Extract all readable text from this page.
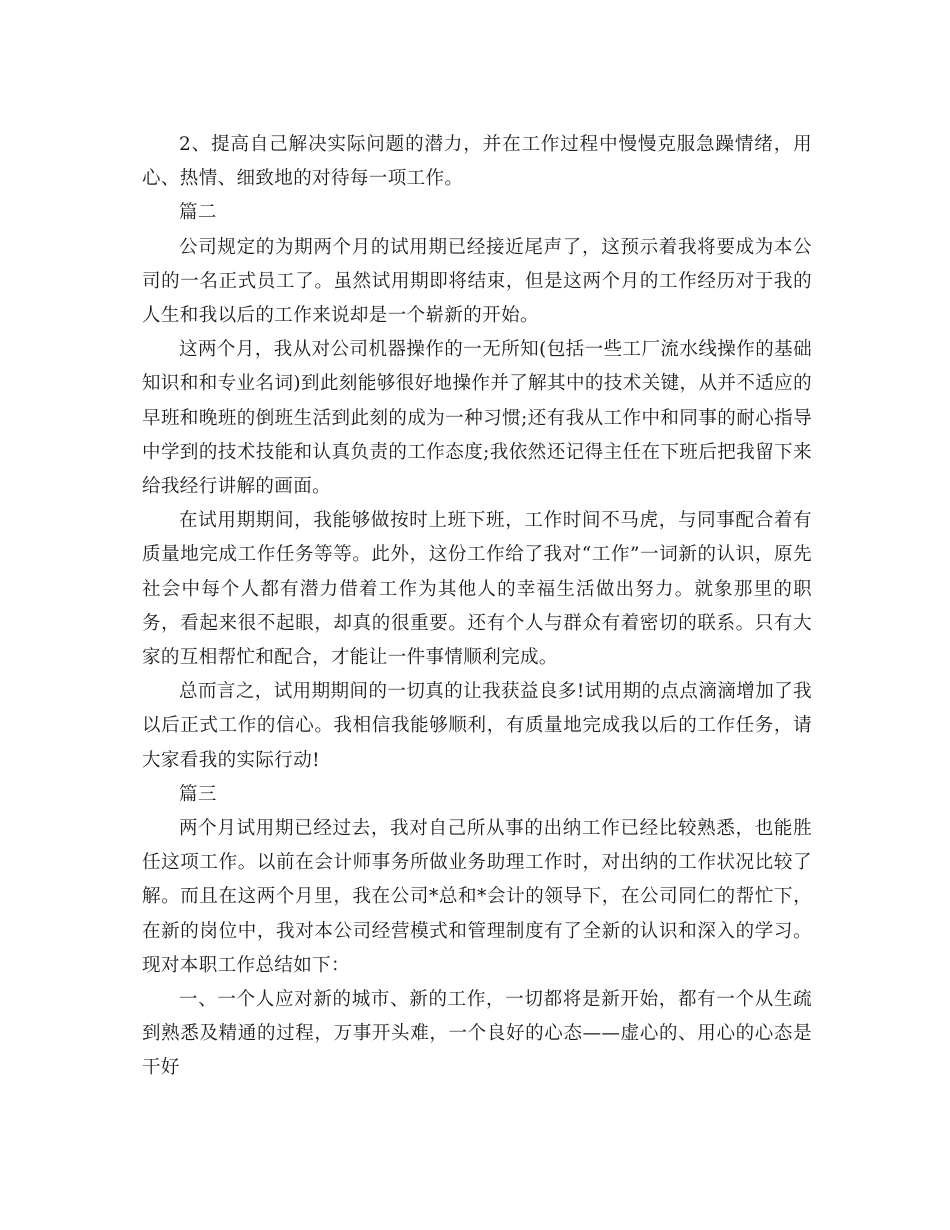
2、提高自己解决实际问题的潜力，并在工作过程中慢慢克服急躁情绪，用心、热情、细致地的对待每一项工作。

篇二

公司规定的为期两个月的试用期已经接近尾声了，这预示着我将要成为本公司的一名正式员工了。虽然试用期即将结束，但是这两个月的工作经历对于我的人生和我以后的工作来说却是一个崭新的开始。

这两个月，我从对公司机器操作的一无所知(包括一些工厂流水线操作的基础知识和和专业名词)到此刻能够很好地操作并了解其中的技术关键，从并不适应的早班和晚班的倒班生活到此刻的成为一种习惯;还有我从工作中和同事的耐心指导中学到的技术技能和认真负责的工作态度;我依然还记得主任在下班后把我留下来给我经行讲解的画面。

在试用期期间，我能够做按时上班下班，工作时间不马虎，与同事配合着有质量地完成工作任务等等。此外，这份工作给了我对“工作”一词新的认识，原先社会中每个人都有潜力借着工作为其他人的幸福生活做出努力。就象那里的职务，看起来很不起眼，却真的很重要。还有个人与群众有着密切的联系。只有大家的互相帮忙和配合，才能让一件事情顺利完成。

总而言之，试用期期间的一切真的让我获益良多!试用期的点点滴滴增加了我以后正式工作的信心。我相信我能够顺利，有质量地完成我以后的工作任务，请大家看我的实际行动!

篇三

两个月试用期已经过去，我对自己所从事的出纳工作已经比较熟悉，也能胜任这项工作。以前在会计师事务所做业务助理工作时，对出纳的工作状况比较了解。而且在这两个月里，我在公司*总和*会计的领导下，在公司同仁的帮忙下，在新的岗位中，我对本公司经营模式和管理制度有了全新的认识和深入的学习。现对本职工作总结如下：

一、一个人应对新的城市、新的工作，一切都将是新开始，都有一个从生疏到熟悉及精通的过程，万事开头难，一个良好的心态——虚心的、用心的心态是干好
